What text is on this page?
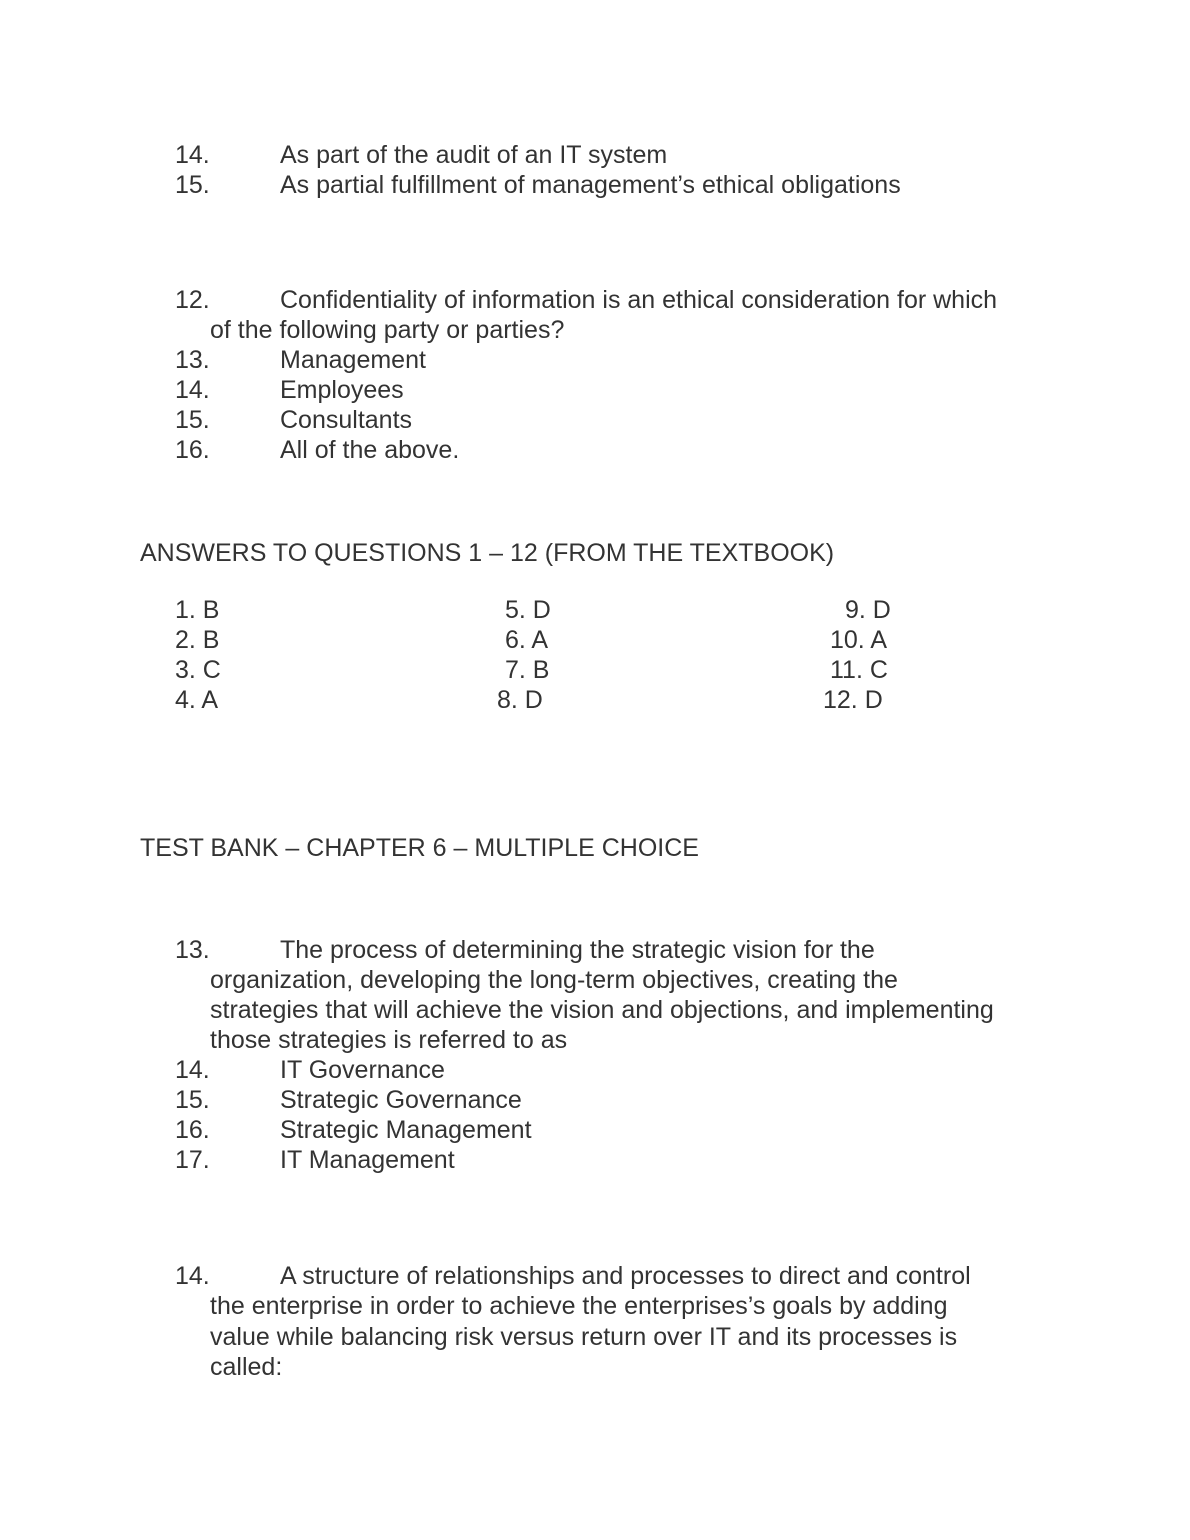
14.	As part of the audit of an IT system
15.	As partial fulfillment of management’s ethical obligations
12.	Confidentiality of information is an ethical consideration for which
of the following party or parties?
13.	Management
14.	Employees
15.	Consultants
16.	All of the above.
ANSWERS TO QUESTIONS 1 – 12 (FROM THE TEXTBOOK)
1. B
2. B
3. C
4. A
5. D
6. A
7. B
8. D
9. D
10. A
11. C
12. D
TEST BANK – CHAPTER 6 – MULTIPLE CHOICE
13.	The process of determining the strategic vision for the
organization, developing the long-term objectives, creating the
strategies that will achieve the vision and objections, and implementing
those strategies is referred to as
14.	IT Governance
15.	Strategic Governance
16.	Strategic Management
17.	IT Management
14.	A structure of relationships and processes to direct and control
the enterprise in order to achieve the enterprises’s goals by adding
value while balancing risk versus return over IT and its processes is
called:
